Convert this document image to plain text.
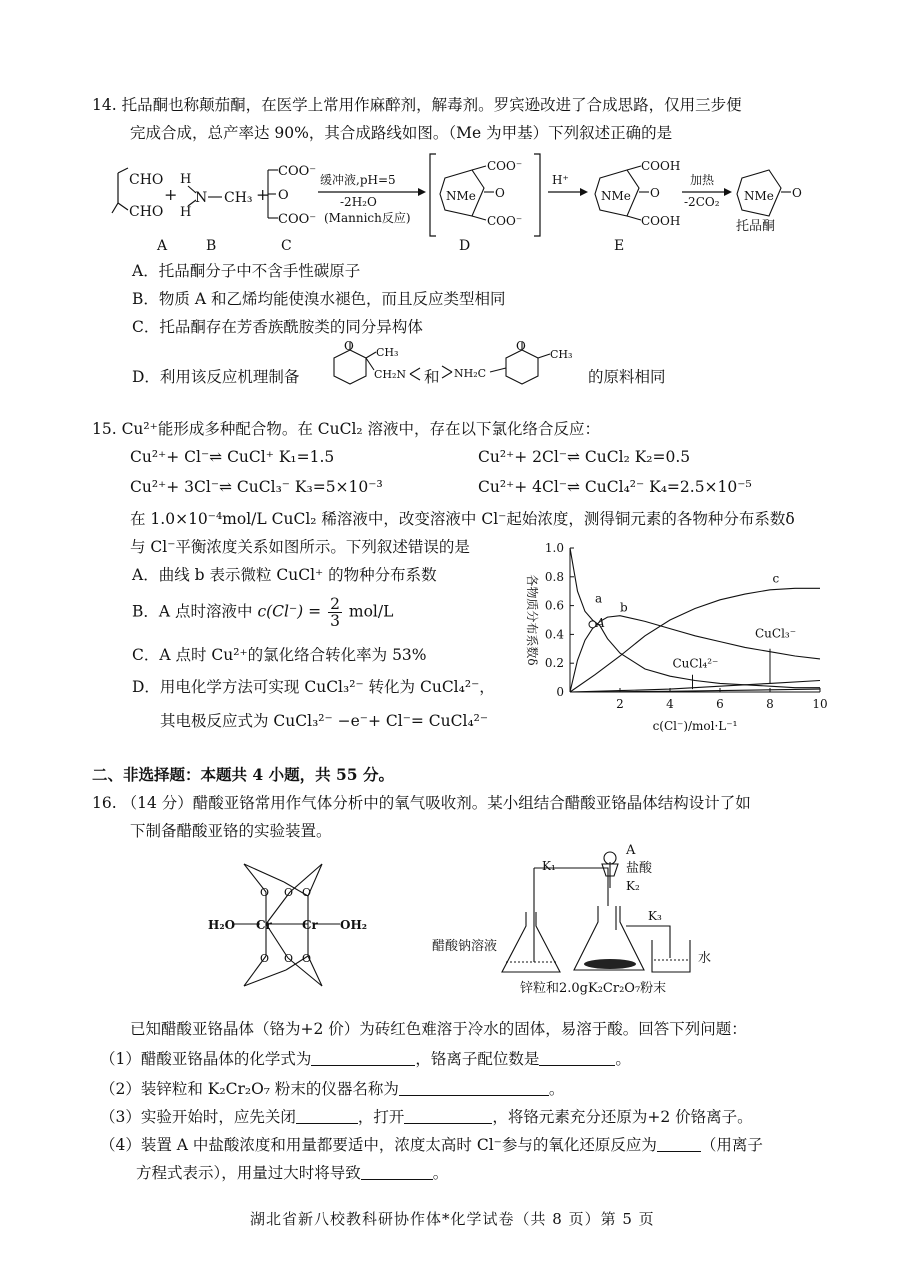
14. 托品酮也称颠茄酮，在医学上常用作麻醉剂，解毒剂。罗宾逊改进了合成思路，仅用三步便
完成合成，总产率达 90%，其合成路线如图。（Me 为甲基）下列叙述正确的是
CHO
CHO
+
H
H
N CH₃ +
COO⁻
O
COO⁻
缓冲液,pH=5
-2H₂O
(Mannich反应)
NMe O
COO⁻
COO⁻
H⁺
NMe O
COOH
COOH
加热
-2CO₂ NMe O
托品酮
A	B	C	D	E
A．托品酮分子中不含手性碳原子
B．物质 A 和乙烯均能使溴水褪色，而且反应类型相同
C．托品酮存在芳香族酰胺类的同分异构体
D．利用该反应机理制备
O CH₃
CH₂N 和 NH₂C
O
CH₃
的原料相同
15. Cu²⁺能形成多种配合物。在 CuCl₂ 溶液中，存在以下氯化络合反应：
Cu²⁺+ Cl⁻⇌ CuCl⁺ K₁=1.5	Cu²⁺+ 2Cl⁻⇌ CuCl₂ K₂=0.5
Cu²⁺+ 3Cl⁻⇌ CuCl₃⁻ K₃=5×10⁻³	Cu²⁺+ 4Cl⁻⇌ CuCl₄²⁻ K₄=2.5×10⁻⁵
在 1.0×10⁻⁴mol/L CuCl₂ 稀溶液中，改变溶液中 Cl⁻起始浓度，测得铜元素的各物种分布系数δ
与 Cl⁻平衡浓度关系如图所示。下列叙述错误的是
A．曲线 b 表示微粒 CuCl⁺ 的物种分布系数
B．A 点时溶液中 $c(Cl^-) = \frac{2}{3} mol/L$
C．A 点时 Cu²⁺的氯化络合转化率为 53%
D．用电化学方法可实现 CuCl₃²⁻ 转化为 CuCl₄²⁻，
其电极反应式为 CuCl₃²⁻ −e⁻+ Cl⁻= CuCl₄²⁻
0
0.2
0.4
0.6
0.8
1.0
2	4	6	8	10
c(Cl⁻)/mol·L⁻¹
各物质分布系数δ	a
b
c
A
CuCl₃⁻
CuCl₄²⁻
二、非选择题：本题共 4 小题，共 55 分。
16. （14 分）醋酸亚铬常用作气体分析中的氧气吸收剂。某小组结合醋酸亚铬晶体结构设计了如
下制备醋酸亚铬的实验装置。
H₂O Cr	Cr OH₂
O O O
O O O
K₁
A
盐酸
K₂
K₃
醋酸钠溶液
水
锌粒和2.0gK₂Cr₂O₇粉末
已知醋酸亚铬晶体（铬为+2 价）为砖红色难溶于冷水的固体，易溶于酸。回答下列问题：
（1）醋酸亚铬晶体的化学式为	，铬离子配位数是	。
（2）装锌粒和 K₂Cr₂O₇ 粉末的仪器名称为	。
（3）实验开始时，应先关闭	，打开	，将铬元素充分还原为+2 价铬离子。
（4）装置 A 中盐酸浓度和用量都要适中，浓度太高时 Cl⁻参与的氧化还原反应为	（用离子
方程式表示），用量过大时将导致	。
湖北省新八校教科研协作体*化学试卷（共 8 页）第 5 页
